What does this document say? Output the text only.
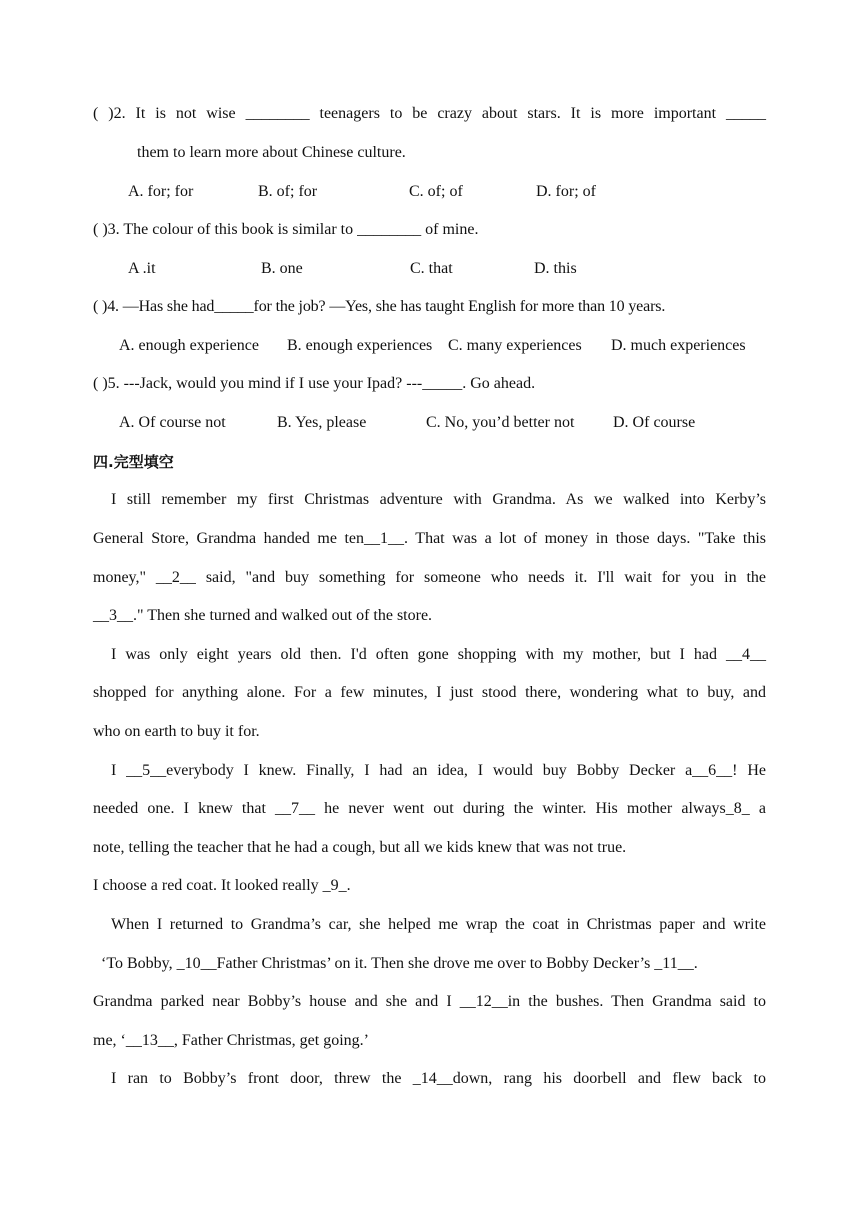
( )2. It is not wise ________ teenagers to be crazy about stars. It is more important _____
them to learn more about Chinese culture.
A. for; for	B. of; for	C. of; of	D. for; of
( )3. The colour of this book is similar to ________ of mine.
A .it	B. one	C. that	D. this
( )4. —Has she had_____for the job? —Yes, she has taught English for more than 10 years.
A. enough experience B. enough experiences C. many experiences D. much experiences
( )5. ---Jack, would you mind if I use your Ipad? ---_____. Go ahead.
A. Of course not	B. Yes, please	C. No, you’d better not D. Of course
四.完型填空
I still remember my first Christmas adventure with Grandma. As we walked into Kerby’s
General Store, Grandma handed me ten__1__. That was a lot of money in those days. "Take this
money," __2__ said, "and buy something for someone who needs it. I'll wait for you in the
__3__." Then she turned and walked out of the store.
I was only eight years old then. I'd often gone shopping with my mother, but I had __4__
shopped for anything alone. For a few minutes, I just stood there, wondering what to buy, and
who on earth to buy it for.
I __5__everybody I knew. Finally, I had an idea, I would buy Bobby Decker a__6__! He
needed one. I knew that __7__ he never went out during the winter. His mother always_8_ a
note, telling the teacher that he had a cough, but all we kids knew that was not true.
I choose a red coat. It looked really _9_.
When I returned to Grandma’s car, she helped me wrap the coat in Christmas paper and write
‘To Bobby, _10__Father Christmas’ on it. Then she drove me over to Bobby Decker’s _11__.
Grandma parked near Bobby’s house and she and I __12__in the bushes. Then Grandma said to
me, ‘__13__, Father Christmas, get going.’
I ran to Bobby’s front door, threw the _14__down, rang his doorbell and flew back to
